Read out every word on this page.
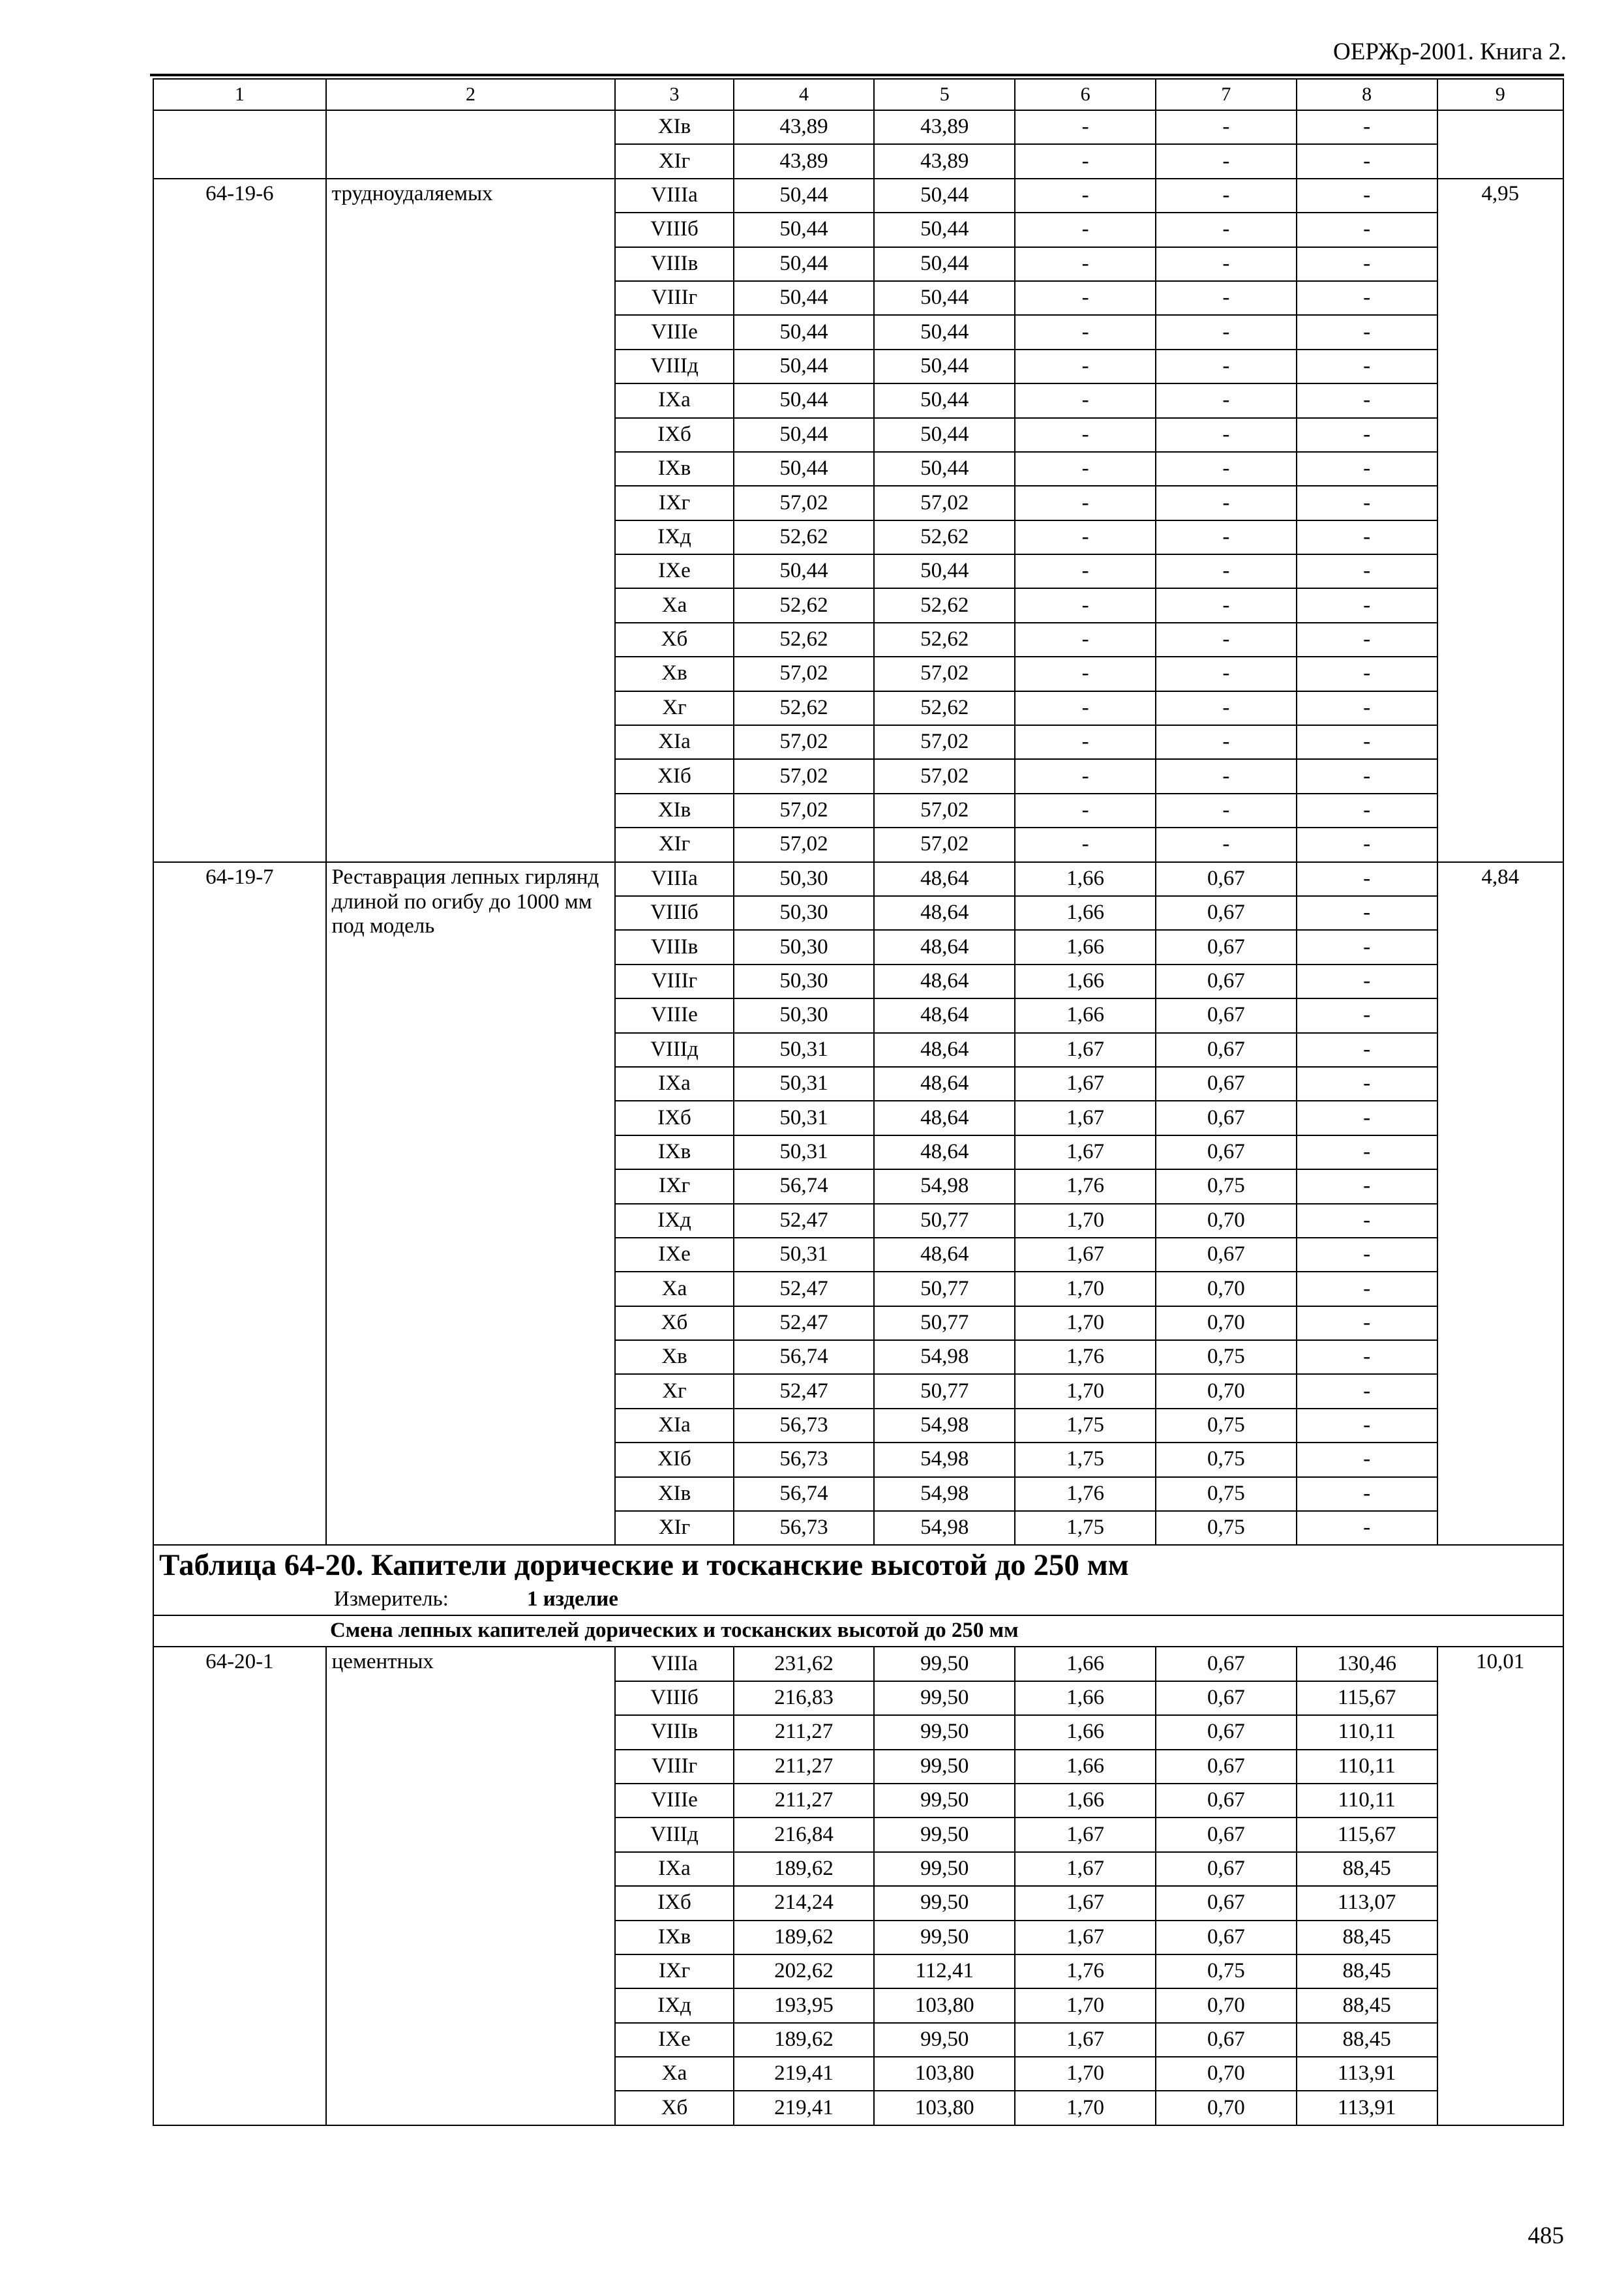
ОЕРЖр-2001. Книга 2.
1	2	3	4	5	6	7	8	9
		XIв	43,89	43,89	-	-	-	
		XIг	43,89	43,89	-	-	-	
64-19-6	трудноудаляемых	VIIIа	50,44	50,44	-	-	-	4,95
		VIIIб	50,44	50,44	-	-	-	
		VIIIв	50,44	50,44	-	-	-	
		VIIIг	50,44	50,44	-	-	-	
		VIIIе	50,44	50,44	-	-	-	
		VIIIд	50,44	50,44	-	-	-	
		IXа	50,44	50,44	-	-	-	
		IXб	50,44	50,44	-	-	-	
		IXв	50,44	50,44	-	-	-	
		IXг	57,02	57,02	-	-	-	
		IXд	52,62	52,62	-	-	-	
		IXе	50,44	50,44	-	-	-	
		Xа	52,62	52,62	-	-	-	
		Xб	52,62	52,62	-	-	-	
		Xв	57,02	57,02	-	-	-	
		Xг	52,62	52,62	-	-	-	
		XIа	57,02	57,02	-	-	-	
		XIб	57,02	57,02	-	-	-	
		XIв	57,02	57,02	-	-	-	
		XIг	57,02	57,02	-	-	-	
64-19-7	Реставрация лепных гирлянд длиной по огибу до 1000 мм под модель	VIIIа	50,30	48,64	1,66	0,67	-	4,84
		VIIIб	50,30	48,64	1,66	0,67	-	
		VIIIв	50,30	48,64	1,66	0,67	-	
		VIIIг	50,30	48,64	1,66	0,67	-	
		VIIIе	50,30	48,64	1,66	0,67	-	
		VIIIд	50,31	48,64	1,67	0,67	-	
		IXа	50,31	48,64	1,67	0,67	-	
		IXб	50,31	48,64	1,67	0,67	-	
		IXв	50,31	48,64	1,67	0,67	-	
		IXг	56,74	54,98	1,76	0,75	-	
		IXд	52,47	50,77	1,70	0,70	-	
		IXе	50,31	48,64	1,67	0,67	-	
		Xа	52,47	50,77	1,70	0,70	-	
		Xб	52,47	50,77	1,70	0,70	-	
		Xв	56,74	54,98	1,76	0,75	-	
		Xг	52,47	50,77	1,70	0,70	-	
		XIа	56,73	54,98	1,75	0,75	-	
		XIб	56,73	54,98	1,75	0,75	-	
		XIв	56,74	54,98	1,76	0,75	-	
		XIг	56,73	54,98	1,75	0,75	-	
Таблица 64-20. Капители дорические и тосканские высотой до 250 мм								
Измеритель: 1 изделие								
Смена лепных капителей дорических и тосканских высотой до 250 мм								
64-20-1	цементных	VIIIа	231,62	99,50	1,66	0,67	130,46	10,01
		VIIIб	216,83	99,50	1,66	0,67	115,67	
		VIIIв	211,27	99,50	1,66	0,67	110,11	
		VIIIг	211,27	99,50	1,66	0,67	110,11	
		VIIIе	211,27	99,50	1,66	0,67	110,11	
		VIIIд	216,84	99,50	1,67	0,67	115,67	
		IXа	189,62	99,50	1,67	0,67	88,45	
		IXб	214,24	99,50	1,67	0,67	113,07	
		IXв	189,62	99,50	1,67	0,67	88,45	
		IXг	202,62	112,41	1,76	0,75	88,45	
		IXд	193,95	103,80	1,70	0,70	88,45	
		IXе	189,62	99,50	1,67	0,67	88,45	
		Xа	219,41	103,80	1,70	0,70	113,91	
		Xб	219,41	103,80	1,70	0,70	113,91	
485
